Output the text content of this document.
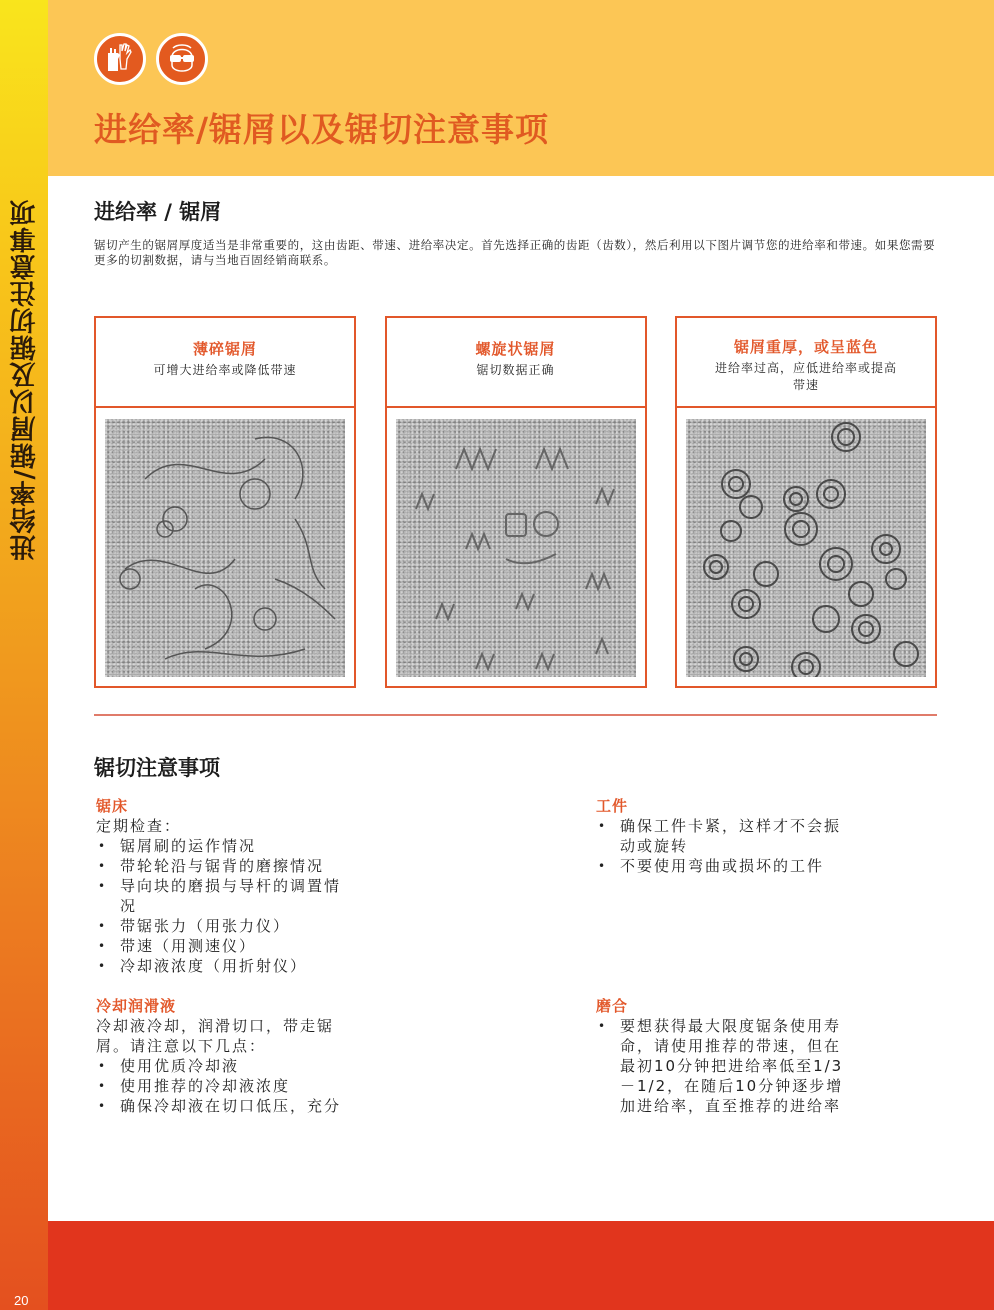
进给率/锯屑以及锯切注意事项
20
进给率/锯屑以及锯切注意事项
进给率 / 锯屑
锯切产生的锯屑厚度适当是非常重要的，这由齿距、带速、进给率决定。首先选择正确的齿距（齿数），然后利用以下图片调节您的进给率和带速。如果您需要更多的切割数据，请与当地百固经销商联系。
薄碎锯屑
可增大进给率或降低带速
螺旋状锯屑
锯切数据正确
锯屑重厚，或呈蓝色
进给率过高，应低进给率或提高带速
锯切注意事项
锯床
定期检查：
• 锯屑刷的运作情况
• 带轮轮沿与锯背的磨擦情况
• 导向块的磨损与导杆的调置情况
• 带锯张力（用张力仪）
• 带速（用测速仪）
• 冷却液浓度（用折射仪）
冷却润滑液
冷却液冷却，润滑切口，带走锯屑。请注意以下几点：
• 使用优质冷却液
• 使用推荐的冷却液浓度
• 确保冷却液在切口低压，充分
工件
• 确保工件卡紧，这样才不会振动或旋转
• 不要使用弯曲或损坏的工件
磨合
• 要想获得最大限度锯条使用寿命，请使用推荐的带速，但在最初10分钟把进给率低至1/3－1/2，在随后10分钟逐步增加进给率，直至推荐的进给率
